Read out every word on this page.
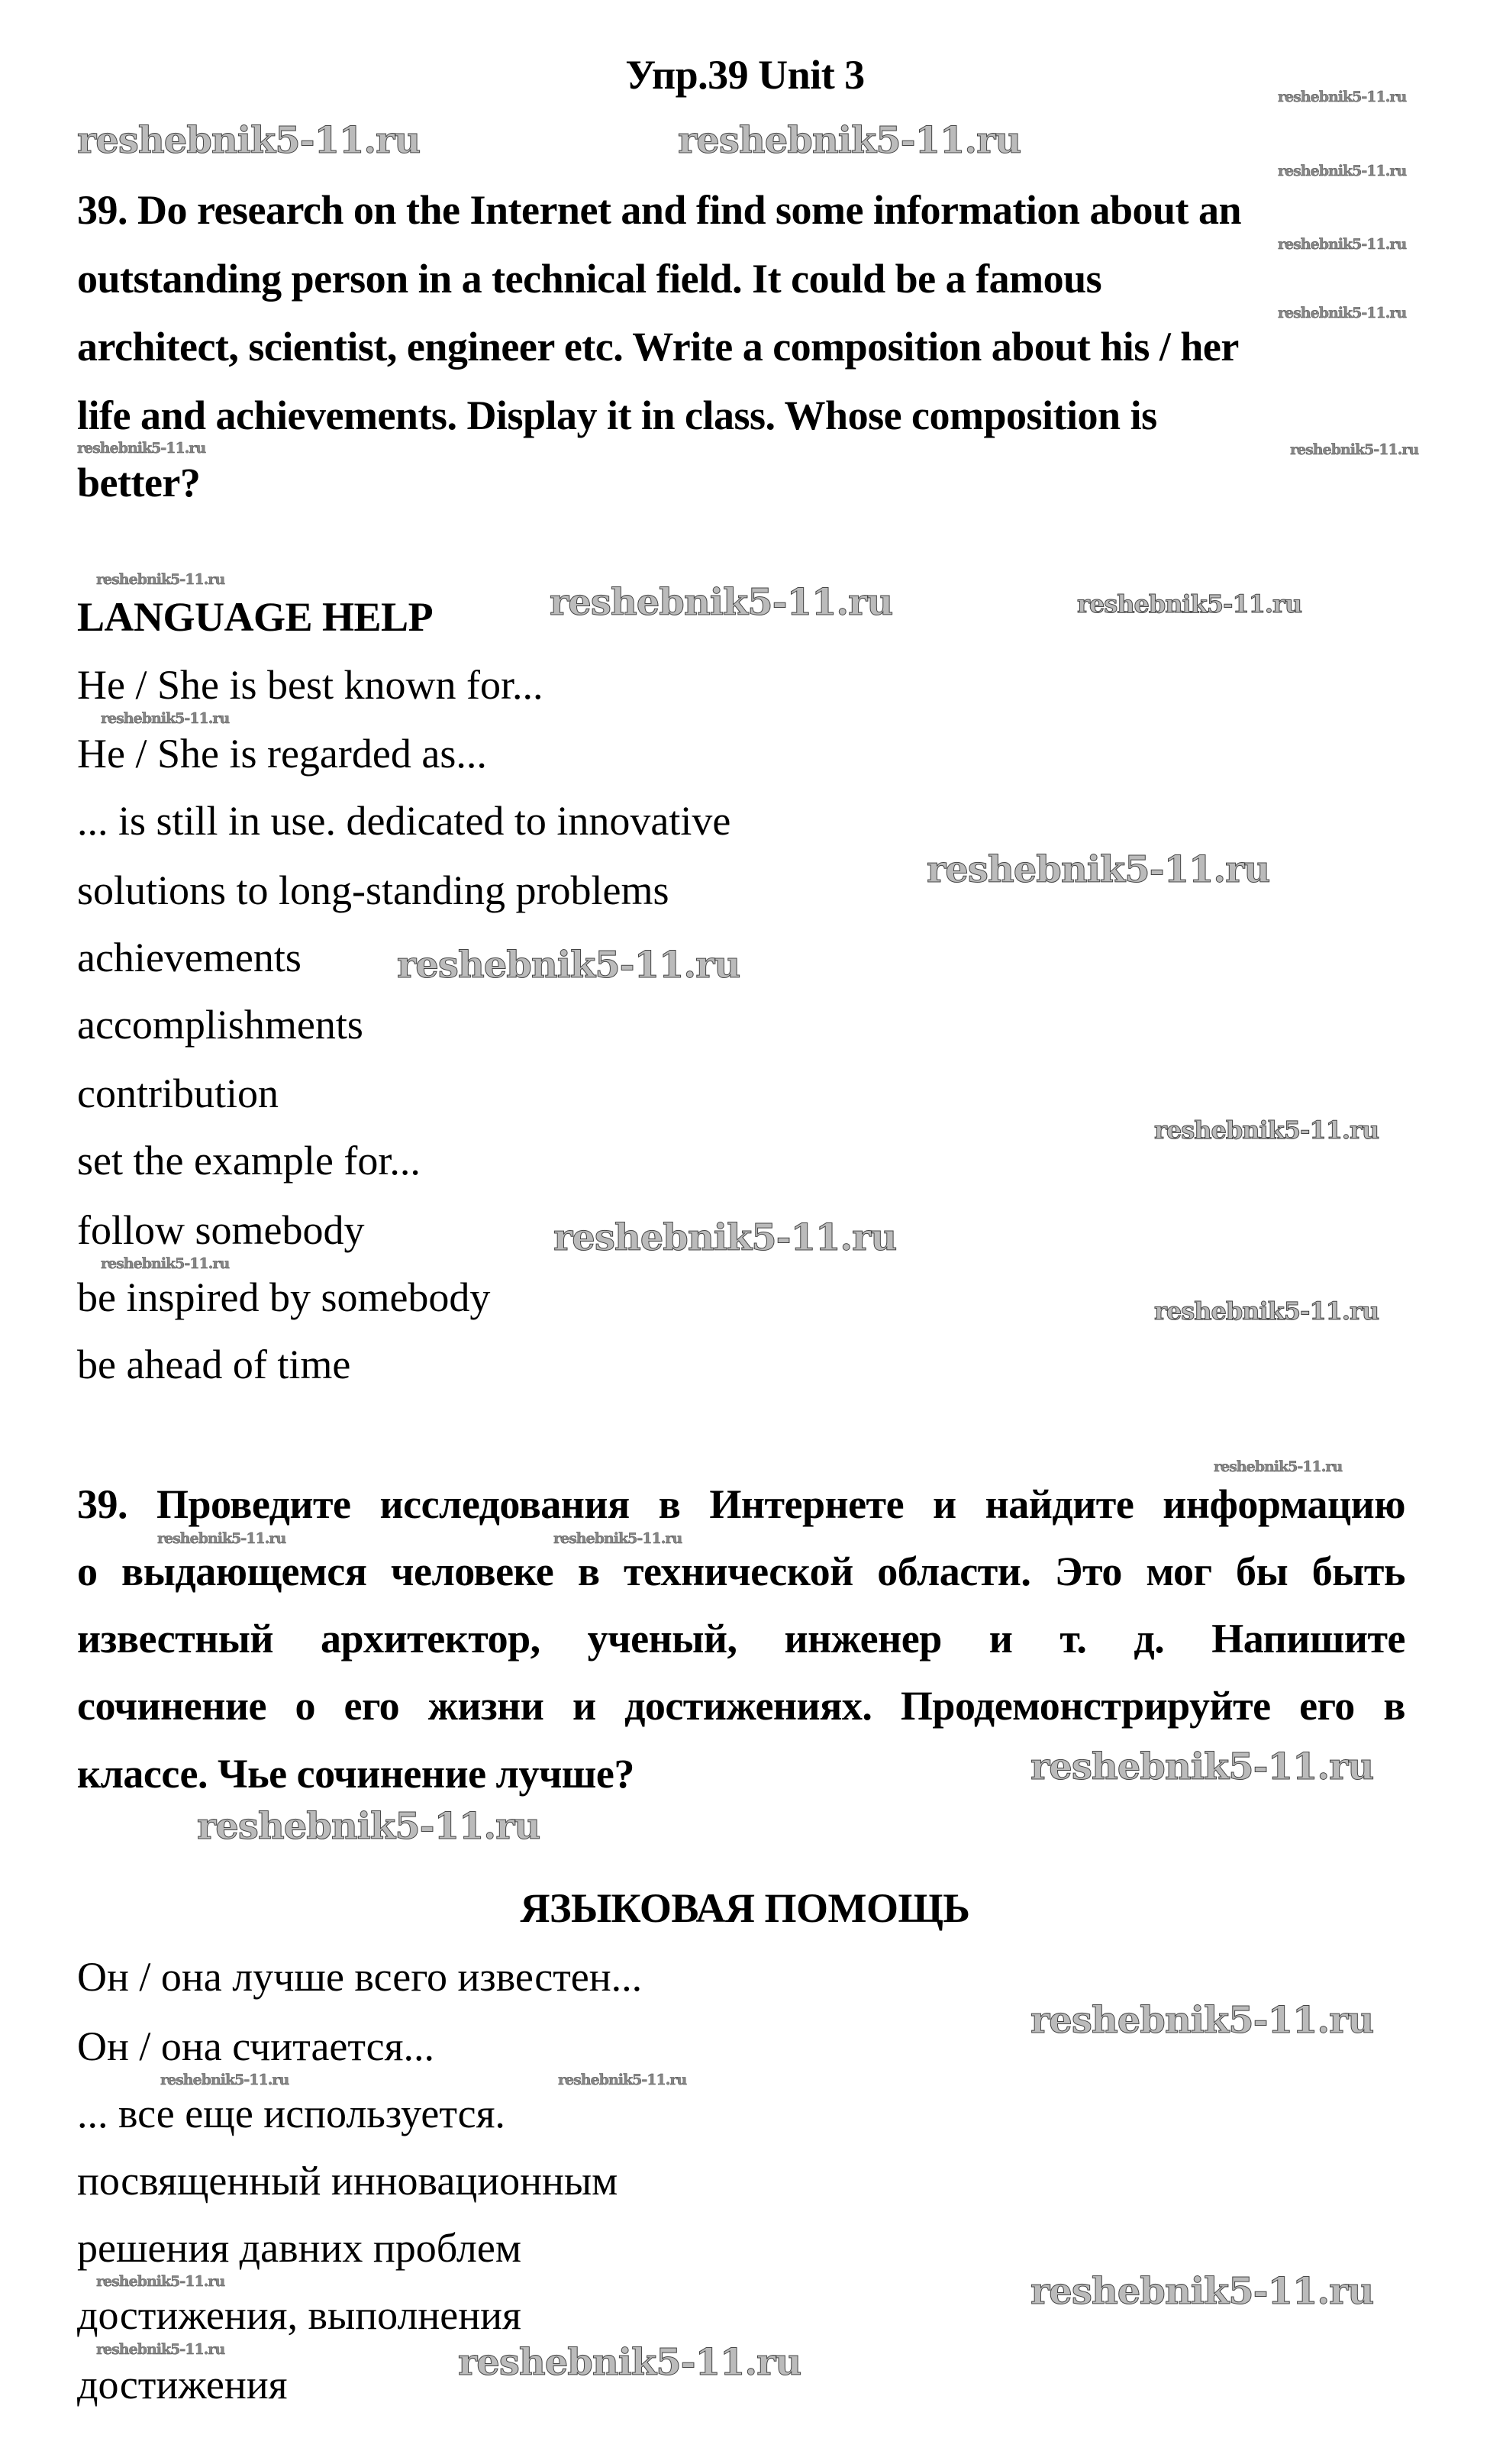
Упр.39 Unit 3
39. Do research on the Internet and find some information about an
outstanding person in a technical field. It could be a famous
architect, scientist, engineer etc. Write a composition about his / her
life and achievements. Display it in class. Whose composition is
better?
LANGUAGE HELP
He / She is best known for...
He / She is regarded as...
... is still in use. dedicated to innovative
solutions to long-standing problems
achievements
accomplishments
contribution
set the example for...
follow somebody
be inspired by somebody
be ahead of time
39. Проведите исследования в Интернете и найдите информацию
о выдающемся человеке в технической области. Это мог бы быть
известный архитектор, ученый, инженер и т. д. Напишите
сочинение о его жизни и достижениях. Продемонстрируйте его в
классе. Чье сочинение лучше?
ЯЗЫКОВАЯ ПОМОЩЬ
Он / она лучше всего известен...
Он / она считается...
... все еще используется.
посвященный инновационным
решения давних проблем
достижения, выполнения
достижения
reshebnik5-11.ru	reshebnik5-11.ru
reshebnik5-11.ru	reshebnik5-11.ru
reshebnik5-11.ru
reshebnik5-11.ru
reshebnik5-11.ru
reshebnik5-11.ru
reshebnik5-11.ru
reshebnik5-11.ru
reshebnik5-11.ru
reshebnik5-11.ru
reshebnik5-11.ru
reshebnik5-11.ru
reshebnik5-11.ru	reshebnik5-11.ru
reshebnik5-11.ru	reshebnik5-11.ru
reshebnik5-11.ru
reshebnik5-11.ru
reshebnik5-11.ru
reshebnik5-11.ru
reshebnik5-11.ru
reshebnik5-11.ru
reshebnik5-11.ru
reshebnik5-11.ru
reshebnik5-11.ru
reshebnik5-11.ru
reshebnik5-11.ru
reshebnik5-11.ru
